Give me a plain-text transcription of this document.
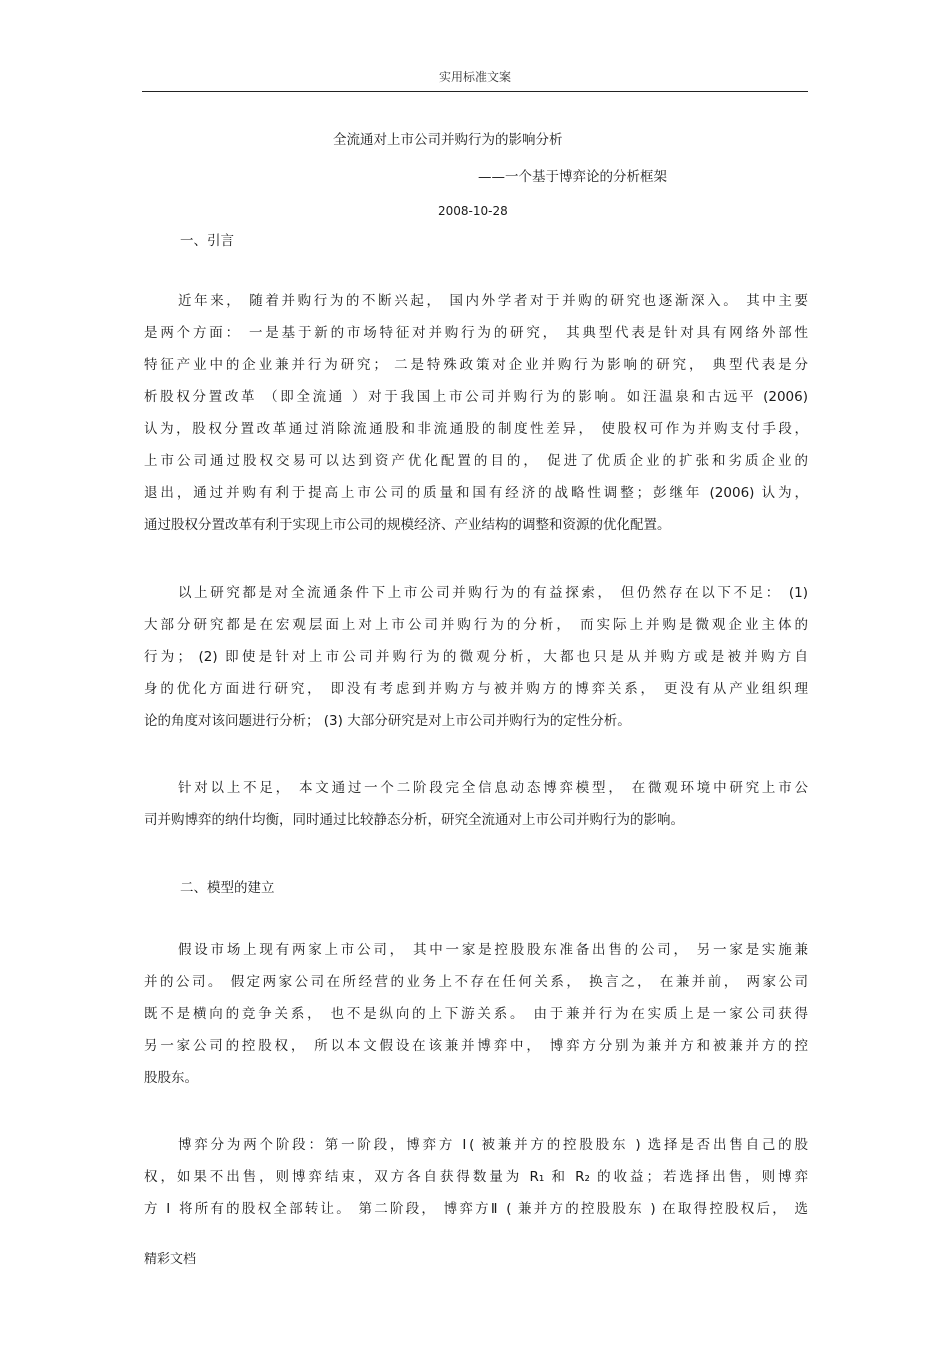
实用标准文案
全流通对上市公司并购行为的影响分析
——一个基于博弈论的分析框架
2008-10-28
一、引言
近年来， 随着并购行为的不断兴起， 国内外学者对于并购的研究也逐渐深入。 其中主要
是两个方面： 一是基于新的市场特征对并购行为的研究， 其典型代表是针对具有网络外部性
特征产业中的企业兼并行为研究； 二是特殊政策对企业并购行为影响的研究， 典型代表是分
析股权分置改革 （即全流通 ）对于我国上市公司并购行为的影响。如汪温泉和古远平 (2006)
认为，股权分置改革通过消除流通股和非流通股的制度性差异， 使股权可作为并购支付手段，
上市公司通过股权交易可以达到资产优化配置的目的， 促进了优质企业的扩张和劣质企业的
退出，通过并购有利于提高上市公司的质量和国有经济的战略性调整；彭继年 (2006) 认为，
通过股权分置改革有利于实现上市公司的规模经济、产业结构的调整和资源的优化配置。
以上研究都是对全流通条件下上市公司并购行为的有益探索， 但仍然存在以下不足： (1)
大部分研究都是在宏观层面上对上市公司并购行为的分析， 而实际上并购是微观企业主体的
行为； (2) 即使是针对上市公司并购行为的微观分析，大都也只是从并购方或是被并购方自
身的优化方面进行研究， 即没有考虑到并购方与被并购方的博弈关系， 更没有从产业组织理
论的角度对该问题进行分析； (3) 大部分研究是对上市公司并购行为的定性分析。
针对以上不足， 本文通过一个二阶段完全信息动态博弈模型， 在微观环境中研究上市公
司并购博弈的纳什均衡，同时通过比较静态分析，研究全流通对上市公司并购行为的影响。
二、模型的建立
假设市场上现有两家上市公司， 其中一家是控股股东准备出售的公司， 另一家是实施兼
并的公司。 假定两家公司在所经营的业务上不存在任何关系， 换言之， 在兼并前， 两家公司
既不是横向的竞争关系， 也不是纵向的上下游关系。 由于兼并行为在实质上是一家公司获得
另一家公司的控股权， 所以本文假设在该兼并博弈中， 博弈方分别为兼并方和被兼并方的控
股股东。
博弈分为两个阶段：第一阶段，博弈方 Ⅰ( 被兼并方的控股股东 ) 选择是否出售自己的股
权，如果不出售，则博弈结束，双方各自获得数量为 R₁ 和 R₂ 的收益；若选择出售，则博弈
方 Ⅰ 将所有的股权全部转让。 第二阶段， 博弈方Ⅱ ( 兼并方的控股股东 ) 在取得控股权后， 选
精彩文档
